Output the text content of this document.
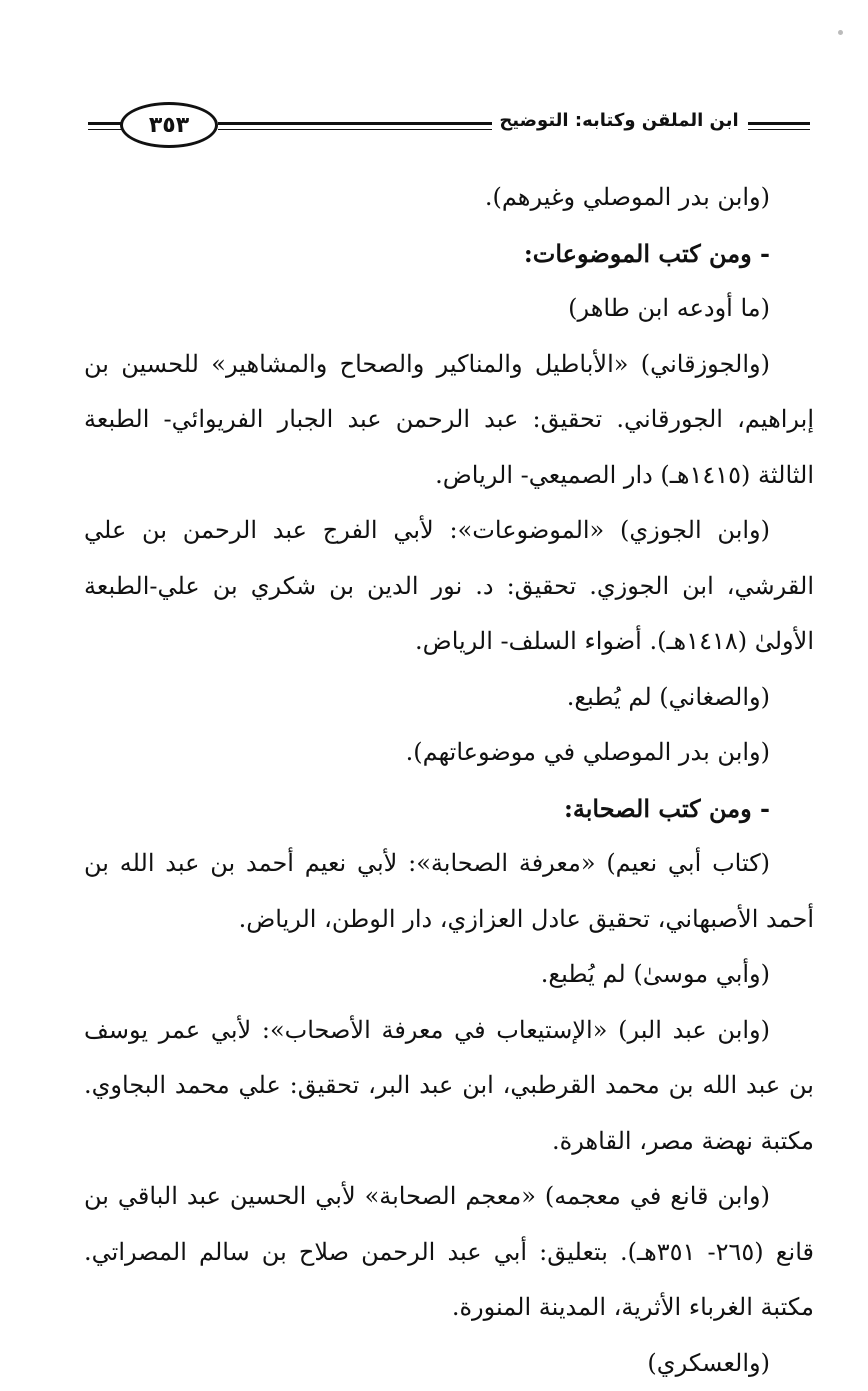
٣٥٣	ابن الملقن وكتابه: التوضيح

(وابن بدر الموصلي وغيرهم).

- ومن كتب الموضوعات:

(ما أودعه ابن طاهر)

(والجوزقاني) «الأباطيل والمناكير والصحاح والمشاهير» للحسين بن إبراهيم، الجورقاني. تحقيق: عبد الرحمن عبد الجبار الفريوائي- الطبعة الثالثة (١٤١٥هـ) دار الصميعي- الرياض.

(وابن الجوزي) «الموضوعات»: لأبي الفرج عبد الرحمن بن علي القرشي، ابن الجوزي. تحقيق: د. نور الدين بن شكري بن علي-الطبعة الأولىٰ (١٤١٨هـ). أضواء السلف- الرياض.

(والصغاني) لم يُطبع.

(وابن بدر الموصلي في موضوعاتهم).

- ومن كتب الصحابة:

(كتاب أبي نعيم) «معرفة الصحابة»: لأبي نعيم أحمد بن عبد الله بن أحمد الأصبهاني، تحقيق عادل العزازي، دار الوطن، الرياض.

(وأبي موسىٰ) لم يُطبع.

(وابن عبد البر) «الإستيعاب في معرفة الأصحاب»: لأبي عمر يوسف بن عبد الله بن محمد القرطبي، ابن عبد البر، تحقيق: علي محمد البجاوي. مكتبة نهضة مصر، القاهرة.

(وابن قانع في معجمه) «معجم الصحابة» لأبي الحسين عبد الباقي بن قانع (٢٦٥- ٣٥١هـ). بتعليق: أبي عبد الرحمن صلاح بن سالم المصراتي. مكتبة الغرباء الأثرية، المدينة المنورة.

(والعسكري)
